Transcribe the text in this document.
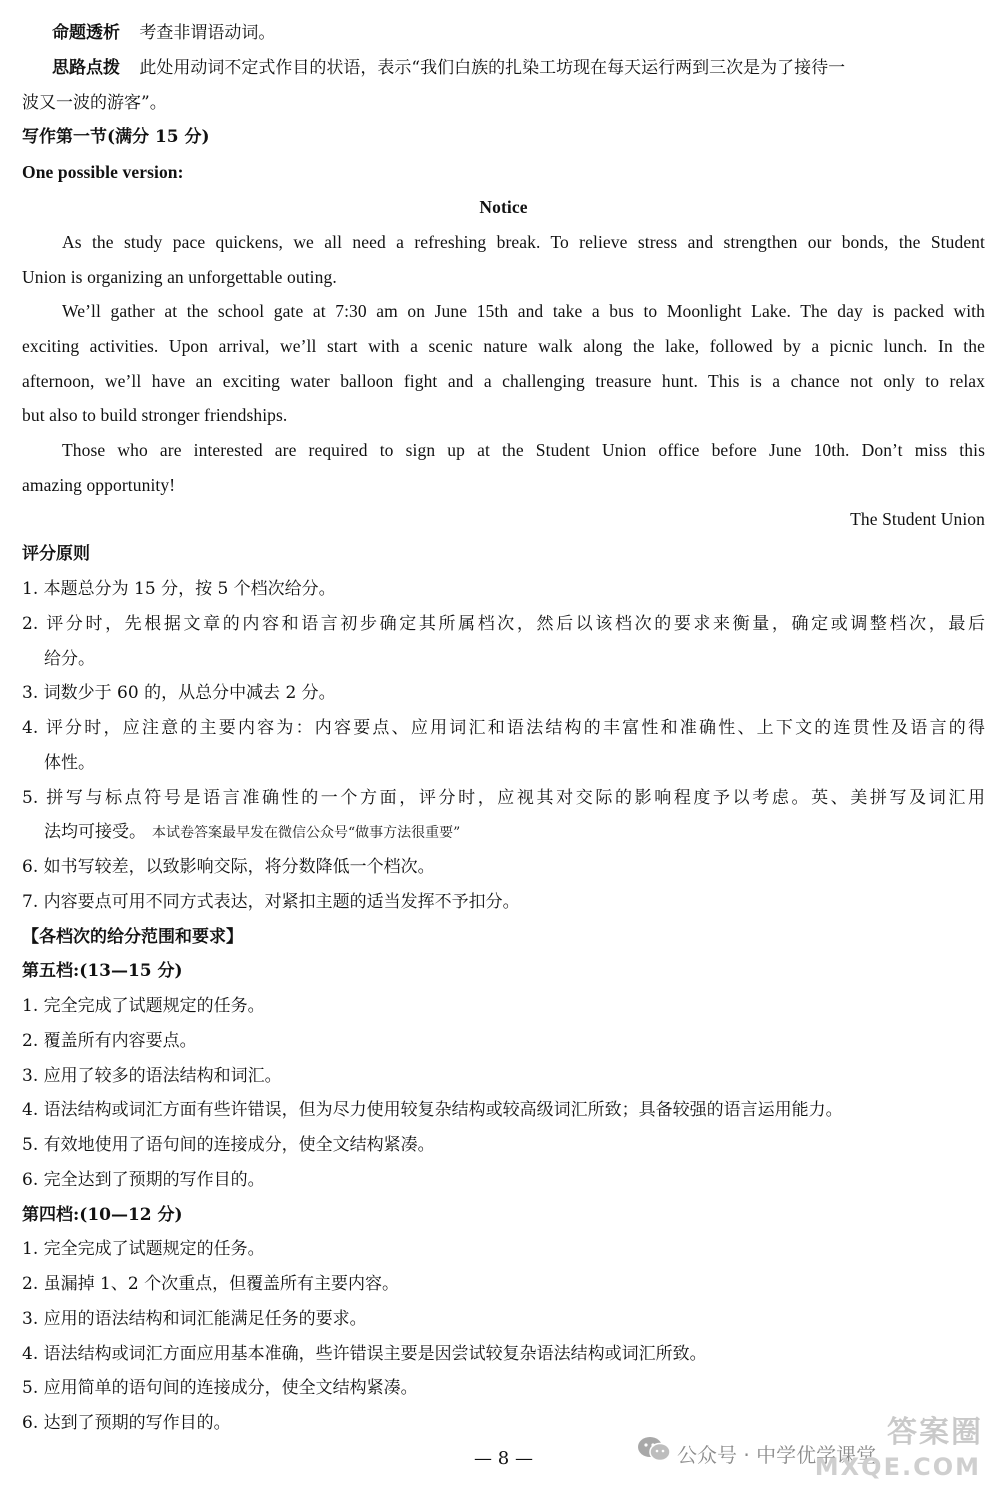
命题透析 考查非谓语动词。
思路点拨 此处用动词不定式作目的状语，表示“我们白族的扎染工坊现在每天运行两到三次是为了接待一
波又一波的游客”。
写作第一节(满分 15 分)
One possible version:
Notice
As the study pace quickens, we all need a refreshing break. To relieve stress and strengthen our bonds, the Student
Union is organizing an unforgettable outing.
We’ll gather at the school gate at 7:30 am on June 15th and take a bus to Moonlight Lake. The day is packed with
exciting activities. Upon arrival, we’ll start with a scenic nature walk along the lake, followed by a picnic lunch. In the
afternoon, we’ll have an exciting water balloon fight and a challenging treasure hunt. This is a chance not only to relax
but also to build stronger friendships.
Those who are interested are required to sign up at the Student Union office before June 10th. Don’t miss this
amazing opportunity!
The Student Union
评分原则
1. 本题总分为 15 分，按 5 个档次给分。
2. 评分时，先根据文章的内容和语言初步确定其所属档次，然后以该档次的要求来衡量，确定或调整档次，最后
给分。
3. 词数少于 60 的，从总分中减去 2 分。
4. 评分时，应注意的主要内容为：内容要点、应用词汇和语法结构的丰富性和准确性、上下文的连贯性及语言的得
体性。
5. 拼写与标点符号是语言准确性的一个方面，评分时，应视其对交际的影响程度予以考虑。英、美拼写及词汇用
法均可接受。 本试卷答案最早发在微信公众号“做事方法很重要”
6. 如书写较差，以致影响交际，将分数降低一个档次。
7. 内容要点可用不同方式表达，对紧扣主题的适当发挥不予扣分。
【各档次的给分范围和要求】
第五档:(13—15 分)
1. 完全完成了试题规定的任务。
2. 覆盖所有内容要点。
3. 应用了较多的语法结构和词汇。
4. 语法结构或词汇方面有些许错误，但为尽力使用较复杂结构或较高级词汇所致；具备较强的语言运用能力。
5. 有效地使用了语句间的连接成分，使全文结构紧凑。
6. 完全达到了预期的写作目的。
第四档:(10—12 分)
1. 完全完成了试题规定的任务。
2. 虽漏掉 1、2 个次重点，但覆盖所有主要内容。
3. 应用的语法结构和词汇能满足任务的要求。
4. 语法结构或词汇方面应用基本准确，些许错误主要是因尝试较复杂语法结构或词汇所致。
5. 应用简单的语句间的连接成分，使全文结构紧凑。
6. 达到了预期的写作目的。
— 8 —	公众号 · 中学优学课堂
答案圈
MXQE.COM
